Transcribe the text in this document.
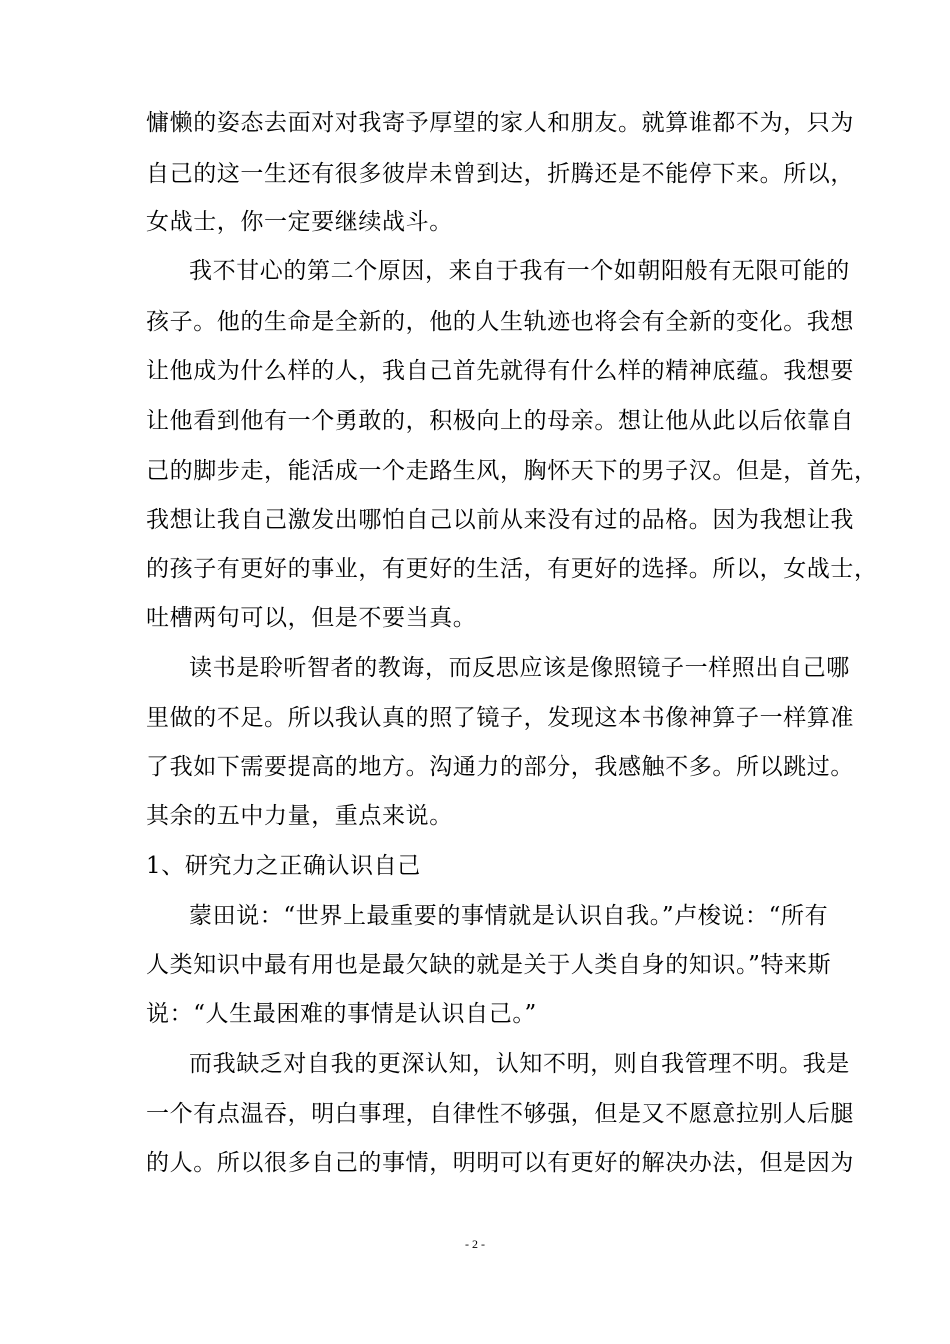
慵懒的姿态去面对对我寄予厚望的家人和朋友。就算谁都不为，只为
自己的这一生还有很多彼岸未曾到达，折腾还是不能停下来。所以，
女战士，你一定要继续战斗。
我不甘心的第二个原因，来自于我有一个如朝阳般有无限可能的
孩子。他的生命是全新的，他的人生轨迹也将会有全新的变化。我想
让他成为什么样的人，我自己首先就得有什么样的精神底蕴。我想要
让他看到他有一个勇敢的，积极向上的母亲。想让他从此以后依靠自
己的脚步走，能活成一个走路生风，胸怀天下的男子汉。但是，首先，
我想让我自己激发出哪怕自己以前从来没有过的品格。因为我想让我
的孩子有更好的事业，有更好的生活，有更好的选择。所以，女战士，
吐槽两句可以，但是不要当真。
读书是聆听智者的教诲，而反思应该是像照镜子一样照出自己哪
里做的不足。所以我认真的照了镜子，发现这本书像神算子一样算准
了我如下需要提高的地方。沟通力的部分，我感触不多。所以跳过。
其余的五中力量，重点来说。
1、研究力之正确认识自己
蒙田说：“世界上最重要的事情就是认识自我。”卢梭说：“所有
人类知识中最有用也是最欠缺的就是关于人类自身的知识。”特来斯
说：“人生最困难的事情是认识自己。”
而我缺乏对自我的更深认知，认知不明，则自我管理不明。我是
一个有点温吞，明白事理，自律性不够强，但是又不愿意拉别人后腿
的人。所以很多自己的事情，明明可以有更好的解决办法，但是因为
- 2 -
